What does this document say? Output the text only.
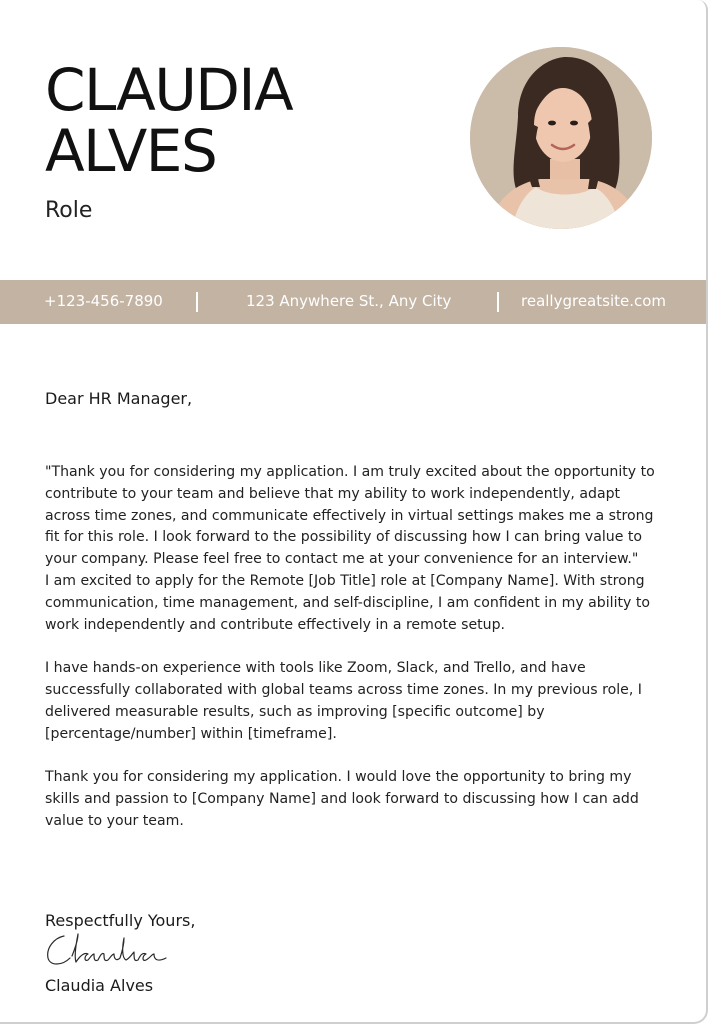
CLAUDIA
ALVES
Role
+123-456-7890	123 Anywhere St., Any City	reallygreatsite.com
Dear HR Manager,

"Thank you for considering my application. I am truly excited about the opportunity to contribute to your team and believe that my ability to work independently, adapt across time zones, and communicate effectively in virtual settings makes me a strong fit for this role. I look forward to the possibility of discussing how I can bring value to your company. Please feel free to contact me at your convenience for an interview."

I am excited to apply for the Remote [Job Title] role at [Company Name]. With strong communication, time management, and self-discipline, I am confident in my ability to work independently and contribute effectively in a remote setup.

I have hands-on experience with tools like Zoom, Slack, and Trello, and have successfully collaborated with global teams across time zones. In my previous role, I delivered measurable results, such as improving [specific outcome] by [percentage/number] within [timeframe].

Thank you for considering my application. I would love the opportunity to bring my skills and passion to [Company Name] and look forward to discussing how I can add value to your team.

Respectfully Yours,
Claudia Alves
